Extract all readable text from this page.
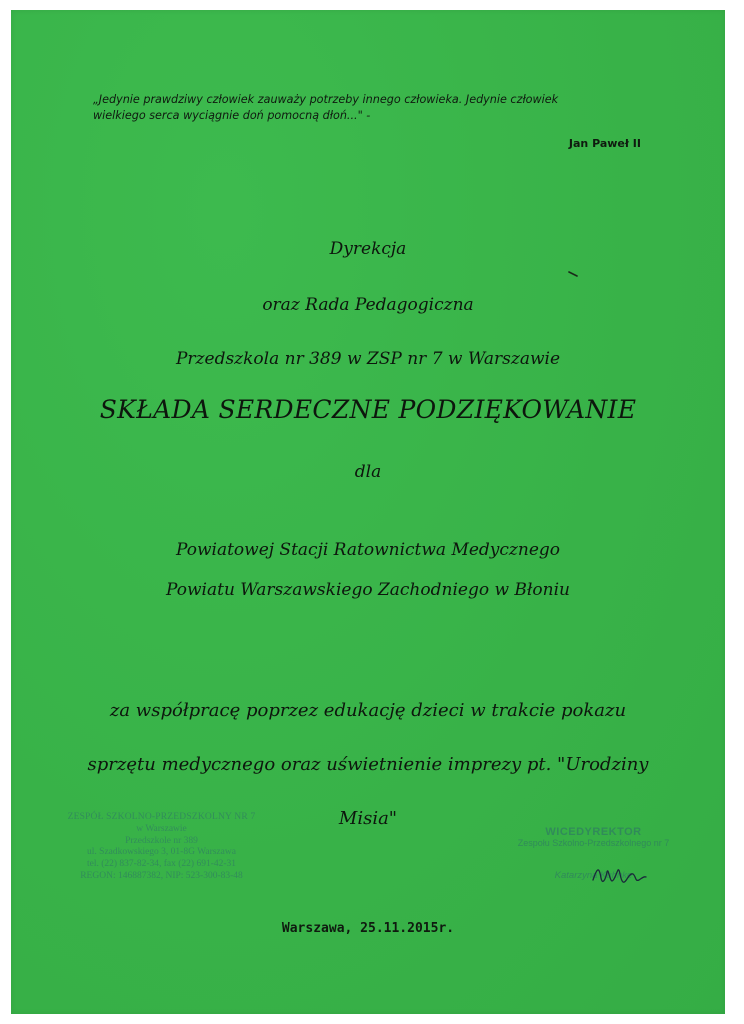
„Jedynie prawdziwy człowiek zauważy potrzeby innego człowieka. Jedynie człowiek
wielkiego serca wyciągnie doń pomocną dłoń..." -
Jan Paweł II
Dyrekcja
oraz Rada Pedagogiczna
Przedszkola nr 389 w ZSP nr 7 w Warszawie
SKŁADA SERDECZNE PODZIĘKOWANIE
dla
Powiatowej Stacji Ratownictwa Medycznego
Powiatu Warszawskiego Zachodniego w Błoniu
za współpracę poprzez edukację dzieci w trakcie pokazu
sprzętu medycznego oraz uświetnienie imprezy pt. "Urodziny
Misia"
ZESPÓŁ SZKOLNO-PRZEDSZKOLNY NR 7
w Warszawie
Przedszkole nr 389
ul. Szadkowskiego 3, 01-8G Warszawa
tel. (22) 837-82-34, fax (22) 691-42-31
REGON: 146887382, NIP: 523-300-83-48
WICEDYREKTOR
Zespołu Szkolno-Przedszkolnego nr 7
Katarzyna Kuhnke
Warszawa, 25.11.2015r.
